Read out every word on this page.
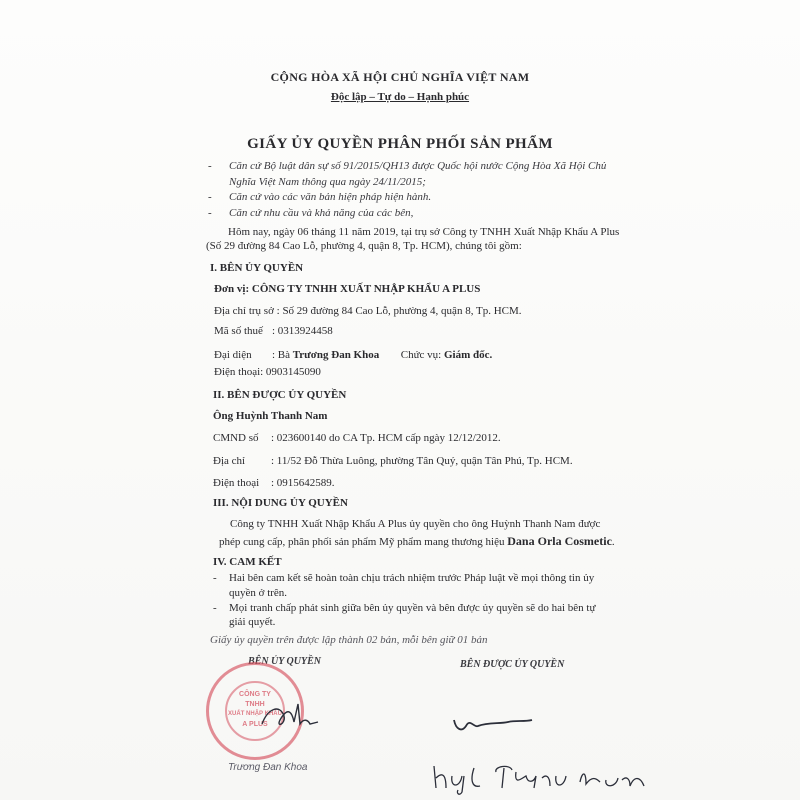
CỘNG HÒA XÃ HỘI CHỦ NGHĨA VIỆT NAM
Độc lập – Tự do – Hạnh phúc
GIẤY ỦY QUYỀN PHÂN PHỐI SẢN PHẨM
- Căn cứ Bộ luật dân sự số 91/2015/QH13 được Quốc hội nước Cộng Hòa Xã Hội Chủ
Nghĩa Việt Nam thông qua ngày 24/11/2015;
- Căn cứ vào các văn bản hiện pháp hiện hành.
- Căn cứ nhu cầu và khả năng của các bên,
Hôm nay, ngày 06 tháng 11 năm 2019, tại trụ sở Công ty TNHH Xuất Nhập Khẩu A Plus
(Số 29 đường 84 Cao Lỗ, phường 4, quận 8, Tp. HCM), chúng tôi gồm:
I. BÊN ỦY QUYỀN
Đơn vị: CÔNG TY TNHH XUẤT NHẬP KHẨU A PLUS
Địa chỉ trụ sở : Số 29 đường 84 Cao Lỗ, phường 4, quận 8, Tp. HCM.
Mã số thuế : 0313924458
Đại diện : Bà Trương Đan Khoa Chức vụ: Giám đốc.
Điện thoại: 0903145090
II. BÊN ĐƯỢC ỦY QUYỀN
Ông Huỳnh Thanh Nam
CMND số : 023600140 do CA Tp. HCM cấp ngày 12/12/2012.
Địa chỉ : 11/52 Đỗ Thừa Luông, phường Tân Quý, quận Tân Phú, Tp. HCM.
Điện thoại : 0915642589.
III. NỘI DUNG ỦY QUYỀN
Công ty TNHH Xuất Nhập Khẩu A Plus ủy quyền cho ông Huỳnh Thanh Nam được
phép cung cấp, phân phối sản phẩm Mỹ phẩm mang thương hiệu Dana Orla Cosmetic.
IV. CAM KẾT
- Hai bên cam kết sẽ hoàn toàn chịu trách nhiệm trước Pháp luật về mọi thông tin ủy
quyền ở trên.
- Mọi tranh chấp phát sinh giữa bên ủy quyền và bên được ủy quyền sẽ do hai bên tự
giải quyết.
Giấy ủy quyền trên được lập thành 02 bản, mỗi bên giữ 01 bản
BÊN ỦY QUYỀN	BÊN ĐƯỢC ỦY QUYỀN
CÔNG TY
TNHH
XUẤT NHẬP KHẨU
A PLUS
Trương Đan Khoa
